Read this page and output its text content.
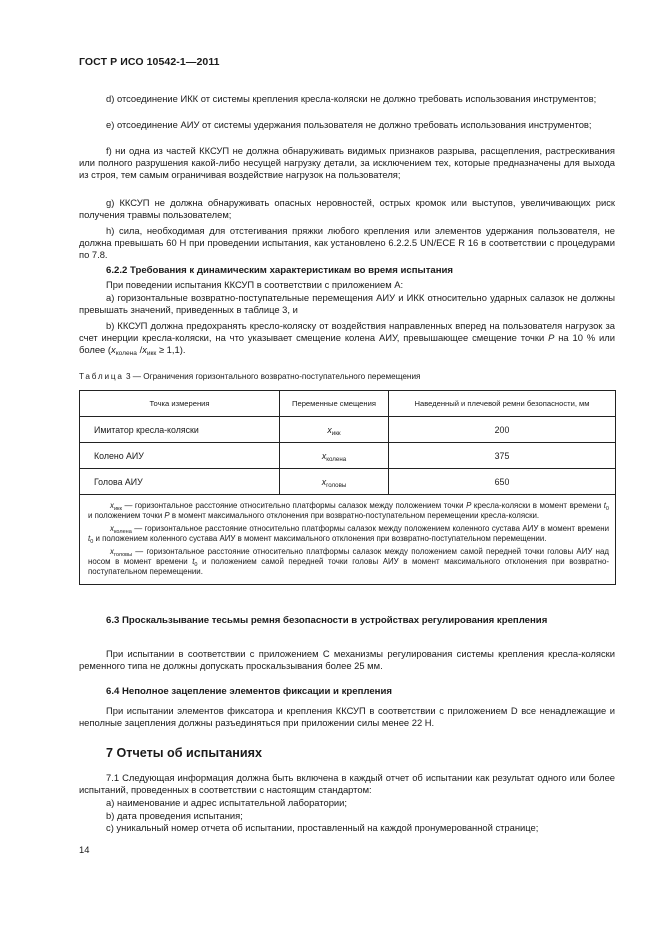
ГОСТ Р ИСО 10542-1—2011

d) отсоединение ИКК от системы крепления кресла-коляски не должно требовать использования инструментов;

е) отсоединение АИУ от системы удержания пользователя не должно требовать использования инструментов;

f) ни одна из частей ККСУП не должна обнаруживать видимых признаков разрыва, расщепления, растрескивания или полного разрушения какой-либо несущей нагрузку детали, за исключением тех, которые предназначены для выхода из строя, тем самым ограничивая воздействие нагрузок на пользователя;

g) ККСУП не должна обнаруживать опасных неровностей, острых кромок или выступов, увеличивающих риск получения травмы пользователем;

h) сила, необходимая для отстегивания пряжки любого крепления или элементов удержания пользователя, не должна превышать 60 Н при проведении испытания, как установлено 6.2.2.5 UN/ECE R 16 в соответствии с процедурами по 7.8.

6.2.2 Требования к динамическим характеристикам во время испытания

При поведении испытания ККСУП в соответствии с приложением А:

а) горизонтальные возвратно-поступательные перемещения АИУ и ИКК относительно ударных салазок не должны превышать значений, приведенных в таблице 3, и

b) ККСУП должна предохранять кресло-коляску от воздействия направленных вперед на пользователя нагрузок за счет инерции кресла-коляски, на что указывает смещение колена АИУ, превышающее смещение точки P на 10 % или более ($x_{колена}$ $/x_{икк} \ge 1,1$).

Таблица 3 — Ограничения горизонтального возвратно-поступательного перемещения
Точка измерения	Переменные смещения	Наведенный и плечевой ремни безопасности, мм
Имитатор кресла-коляски	$x_{икк}$	200
Колено АИУ	$x_{колена}$	375
Голова АИУ	$x_{головы}$	650

$x_{икк}$ — горизонтальное расстояние относительно платформы салазок между положением точки P кресла-коляски в момент времени $t_0$ и положением точки P в момент максимального отклонения при возвратно-поступательном перемещении кресла-коляски.

$x_{колена}$ — горизонтальное расстояние относительно платформы салазок между положением коленного сустава АИУ в момент времени $t_0$ и положением коленного сустава АИУ в момент максимального отклонения при возвратно-поступательном перемещении.

$x_{головы}$ — горизонтальное расстояние относительно платформы салазок между положением самой передней точки головы АИУ над носом в момент времени $t_0$ и положением самой передней точки головы АИУ в момент максимального отклонения при возвратно-поступательном перемещении.		

6.3 Проскальзывание тесьмы ремня безопасности в устройствах регулирования крепления

При испытании в соответствии с приложением С механизмы регулирования системы крепления кресла-коляски ременного типа не должны допускать проскальзывания более 25 мм.

6.4 Неполное зацепление элементов фиксации и крепления

При испытании элементов фиксатора и крепления ККСУП в соответствии с приложением D все ненадлежащие и неполные зацепления должны разъединяться при приложении силы менее 22 Н.

7 Отчеты об испытаниях

7.1 Следующая информация должна быть включена в каждый отчет об испытании как результат одного или более испытаний, проведенных в соответствии с настоящим стандартом:

а) наименование и адрес испытательной лаборатории;

b) дата проведения испытания;

c) уникальный номер отчета об испытании, проставленный на каждой пронумерованной странице;

14
